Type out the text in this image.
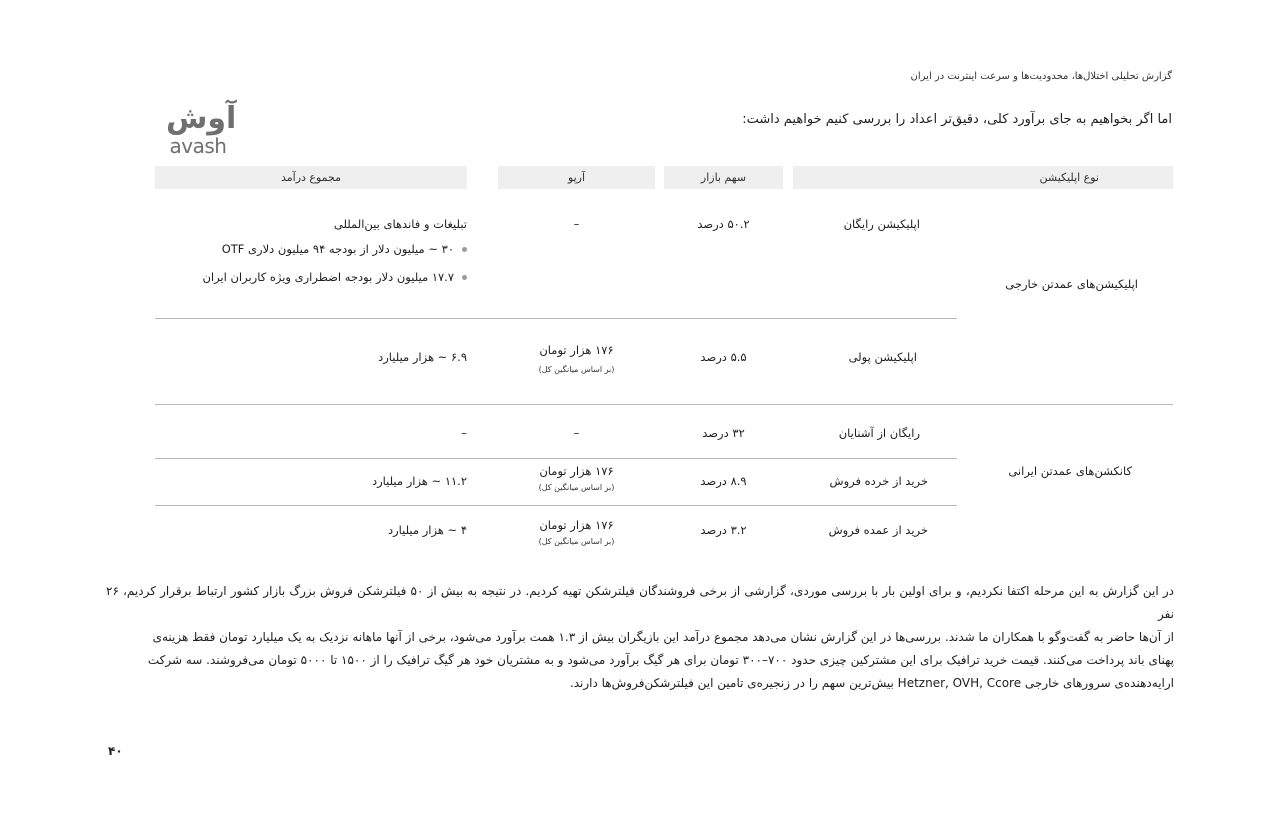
گزارش تحلیلی اختلال‌ها، محدودیت‌ها و سرعت اینترنت در ایران
اما اگر بخواهیم به جای برآورد کلی، دقیق‌تر اعداد را بررسی کنیم خواهیم داشت:
آوش
avash
نوع اپلیکیشن
سهم بازار
آرپو
مجموع درآمد
اپلیکیشن‌های عمدتن خارجی
کانکشن‌های عمدتن ایرانی
اپلیکیشن رایگان
۵۰.۲ درصد
–
تبلیغات و فاندهای بین‌المللی
۳۰ ~ میلیون دلار از بودجه ۹۴ میلیون دلاری OTF
۱۷.۷ میلیون دلار بودجه اضطراری ویژه کاربران ایران
اپلیکیشن پولی
۵.۵ درصد
۱۷۶ هزار تومان
(بر اساس میانگین کل)
۶.۹ ~ هزار میلیارد
رایگان از آشنایان
۳۲ درصد
–
–
خرید از خرده فروش
۸.۹ درصد
۱۷۶ هزار تومان
(بر اساس میانگین کل)
۱۱.۲ ~ هزار میلیارد
خرید از عمده فروش
۳.۲ درصد
۱۷۶ هزار تومان
(بر اساس میانگین کل)
۴ ~ هزار میلیارد
در این گزارش به این مرحله اکتفا نکردیم، و برای اولین بار با بررسی موردی، گزارشی از برخی فروشندگان فیلترشکن تهیه کردیم. در نتیجه به بیش از ۵۰ فیلترشکن فروش بزرگ بازار کشور ارتباط برقرار کردیم، ۲۶ نفر
از آن‌ها حاضر به گفت‌وگو با همکاران ما شدند. بررسی‌ها در این گزارش نشان می‌دهد مجموع درآمد این بازیگران بیش از ۱.۳ همت برآورد می‌شود، برخی از آنها ماهانه نزدیک به یک میلیارد تومان فقط هزینه‌ی
پهنای باند پرداخت می‌کنند. قیمت خرید ترافیک برای این مشترکین چیزی حدود ۷۰۰–۳۰۰ تومان برای هر گیگ برآورد می‌شود و به مشتریان خود هر گیگ ترافیک را از ۱۵۰۰ تا ۵۰۰۰ تومان می‌فروشند. سه شرکت
ارایه‌دهنده‌ی سرورهای خارجی Hetzner, OVH, Ccore بیش‌ترین سهم را در زنجیره‌ی تامین این فیلترشکن‌فروش‌ها دارند.
۴۰
